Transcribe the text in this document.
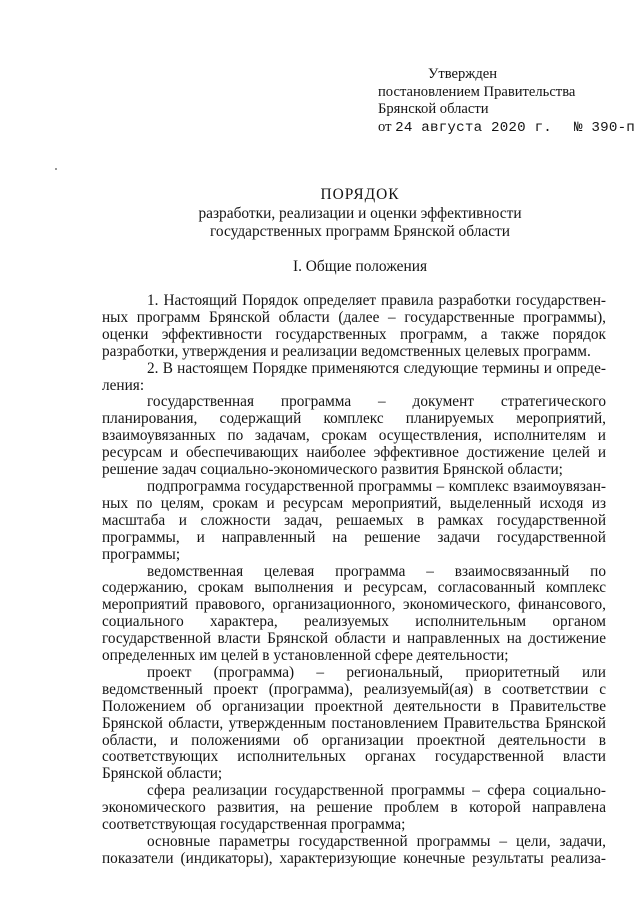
Утвержден
постановлением Правительства
Брянской области
от 24 августа 2020 г. № 390-п
ПОРЯДОК
разработки, реализации и оценки эффективности
государственных программ Брянской области
I. Общие положения

1. Настоящий Порядок определяет правила разработки государственных программ Брянской области (далее – государственные программы), оценки эффективности государственных программ, а также порядок разработки, утверждения и реализации ведомственных целевых программ.

2. В настоящем Порядке применяются следующие термины и определения:

государственная программа – документ стратегического планирования, содержащий комплекс планируемых мероприятий, взаимоувязанных по задачам, срокам осуществления, исполнителям и ресурсам и обеспечивающих наиболее эффективное достижение целей и решение задач социально-экономического развития Брянской области;

подпрограмма государственной программы – комплекс взаимоувязанных по целям, срокам и ресурсам мероприятий, выделенный исходя из масштаба и сложности задач, решаемых в рамках государственной программы, и направленный на решение задачи государственной программы;

ведомственная целевая программа – взаимосвязанный по содержанию, срокам выполнения и ресурсам, согласованный комплекс мероприятий правового, организационного, экономического, финансового, социального характера, реализуемых исполнительным органом государственной власти Брянской области и направленных на достижение определенных им целей в установленной сфере деятельности;

проект (программа) – региональный, приоритетный или ведомственный проект (программа), реализуемый(ая) в соответствии с Положением об организации проектной деятельности в Правительстве Брянской области, утвержденным постановлением Правительства Брянской области, и положениями об организации проектной деятельности в соответствующих исполнительных органах государственной власти Брянской области;

сфера реализации государственной программы – сфера социально-экономического развития, на решение проблем в которой направлена соответствующая государственная программа;

основные параметры государственной программы – цели, задачи, показатели (индикаторы), характеризующие конечные результаты реализа-
